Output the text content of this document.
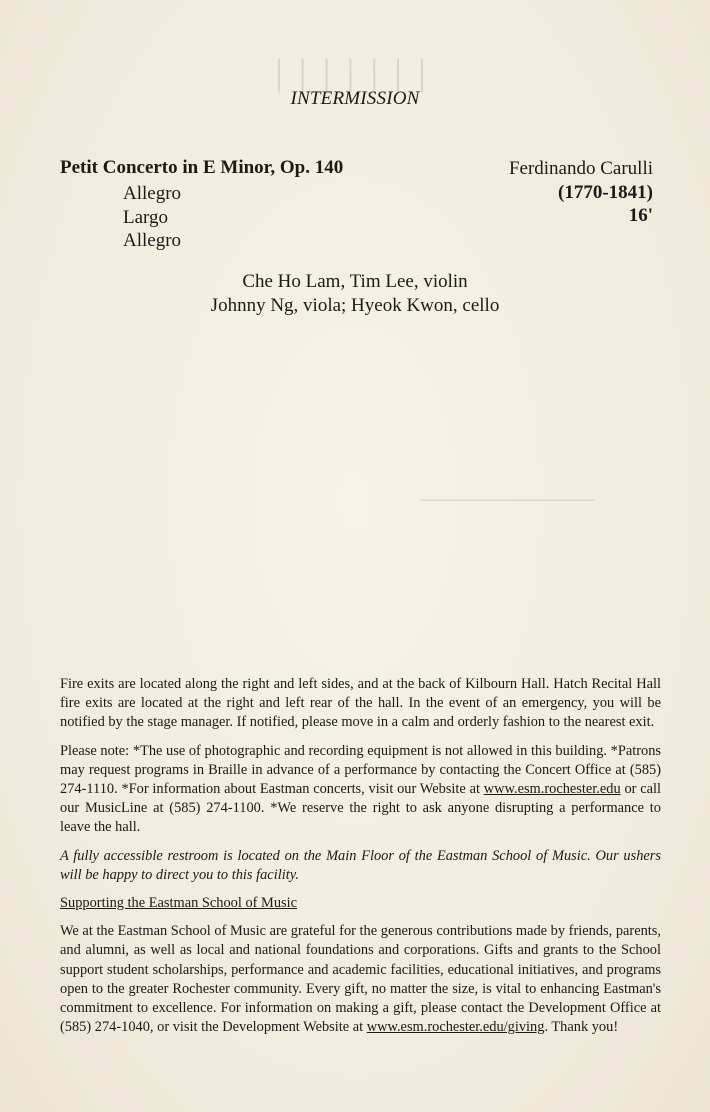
│││││││
─────────────
INTERMISSION
Petit Concerto in E Minor, Op. 140
Allegro
Largo
Allegro
Ferdinando Carulli
(1770-1841)
16'
Che Ho Lam, Tim Lee, violin
Johnny Ng, viola; Hyeok Kwon, cello

Fire exits are located along the right and left sides, and at the back of Kilbourn Hall. Hatch Recital Hall fire exits are located at the right and left rear of the hall. In the event of an emergency, you will be notified by the stage manager. If notified, please move in a calm and orderly fashion to the nearest exit.

Please note: *The use of photographic and recording equipment is not allowed in this building. *Patrons may request programs in Braille in advance of a performance by contacting the Concert Office at (585) 274-1110. *For information about Eastman concerts, visit our Website at www.esm.rochester.edu or call our MusicLine at (585) 274-1100. *We reserve the right to ask anyone disrupting a performance to leave the hall.

A fully accessible restroom is located on the Main Floor of the Eastman School of Music. Our ushers will be happy to direct you to this facility.

Supporting the Eastman School of Music

We at the Eastman School of Music are grateful for the generous contributions made by friends, parents, and alumni, as well as local and national foundations and corporations. Gifts and grants to the School support student scholarships, performance and academic facilities, educational initiatives, and programs open to the greater Rochester community. Every gift, no matter the size, is vital to enhancing Eastman's commitment to excellence. For information on making a gift, please contact the Development Office at (585) 274-1040, or visit the Development Website at www.esm.rochester.edu/giving. Thank you!
